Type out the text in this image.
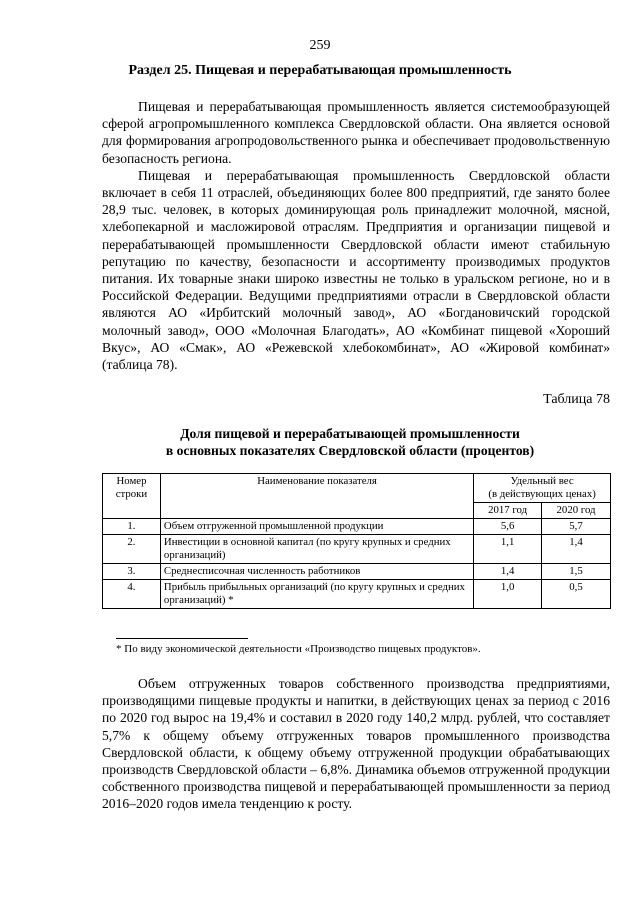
259
Раздел 25. Пищевая и перерабатывающая промышленность

Пищевая и перерабатывающая промышленность является системообразующей сферой агропромышленного комплекса Свердловской области. Она является основой для формирования агропродовольственного рынка и обеспечивает продовольственную безопасность региона.

Пищевая и перерабатывающая промышленность Свердловской области включает в себя 11 отраслей, объединяющих более 800 предприятий, где занято более 28,9 тыс. человек, в которых доминирующая роль принадлежит молочной, мясной, хлебопекарной и масложировой отраслям. Предприятия и организации пищевой и перерабатывающей промышленности Свердловской области имеют стабильную репутацию по качеству, безопасности и ассортименту производимых продуктов питания. Их товарные знаки широко известны не только в уральском регионе, но и в Российской Федерации. Ведущими предприятиями отрасли в Свердловской области являются АО «Ирбитский молочный завод», АО «Богдановичский городской молочный завод», ООО «Молочная Благодать», АО «Комбинат пищевой «Хороший Вкус», АО «Смак», АО «Режевской хлебокомбинат», АО «Жировой комбинат» (таблица 78).

Таблица 78
Доля пищевой и перерабатывающей промышленности
в основных показателях Свердловской области (процентов)
Номер строки	Наименование показателя	Удельный вес
(в действующих ценах)	

		2017 год	2020 год
1.	Объем отгруженной промышленной продукции	5,6	5,7
2.	Инвестиции в основной капитал (по кругу крупных и средних организаций)	1,1	1,4
3.	Среднесписочная численность работников	1,4	1,5
4.	Прибыль прибыльных организаций (по кругу крупных и средних организаций) *	1,0	0,5
* По виду экономической деятельности «Производство пищевых продуктов».

Объем отгруженных товаров собственного производства предприятиями, производящими пищевые продукты и напитки, в действующих ценах за период с 2016 по 2020 год вырос на 19,4% и составил в 2020 году 140,2 млрд. рублей, что составляет 5,7% к общему объему отгруженных товаров промышленного производства Свердловской области, к общему объему отгруженной продукции обрабатывающих производств Свердловской области – 6,8%. Динамика объемов отгруженной продукции собственного производства пищевой и перерабатывающей промышленности за период 2016–2020 годов имела тенденцию к росту.
